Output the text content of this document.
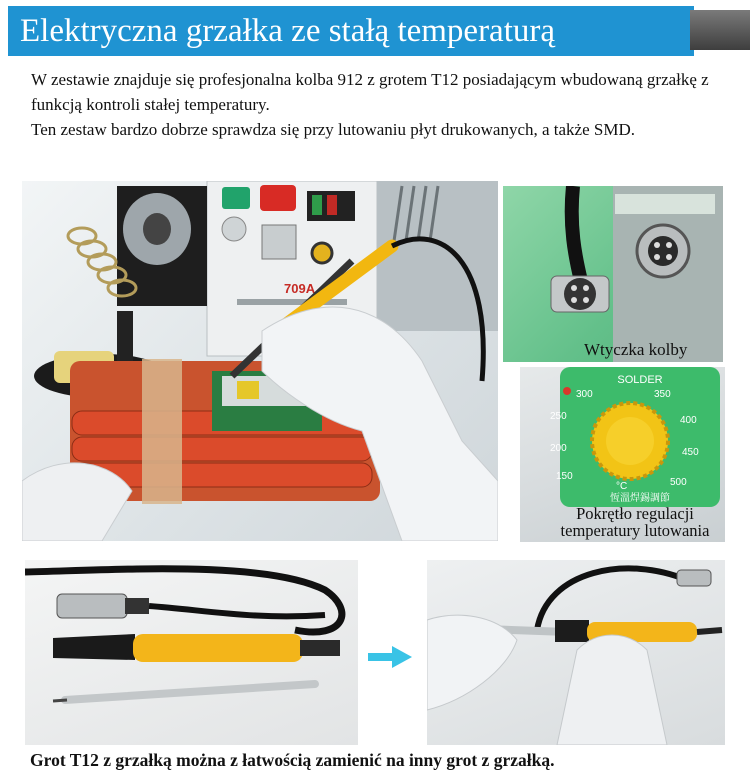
Elektryczna grzałka ze stałą temperaturą

W zestawie znajduje się profesjonalna kolba 912 z grotem T12 posiadającym wbudowaną grzałkę z funkcją kontroli stałej temperatury.

Ten zestaw bardzo dobrze sprawdza się przy lutowaniu płyt drukowanych, a także SMD.

709A
Wtyczka kolby
SOLDER
150
200
250
300	350
400
450
500
°C
恆溫焊錫調節
Pokrętło regulacji temperatury lutowania
Grot T12 z grzałką można z łatwością zamienić na inny grot z grzałką.
